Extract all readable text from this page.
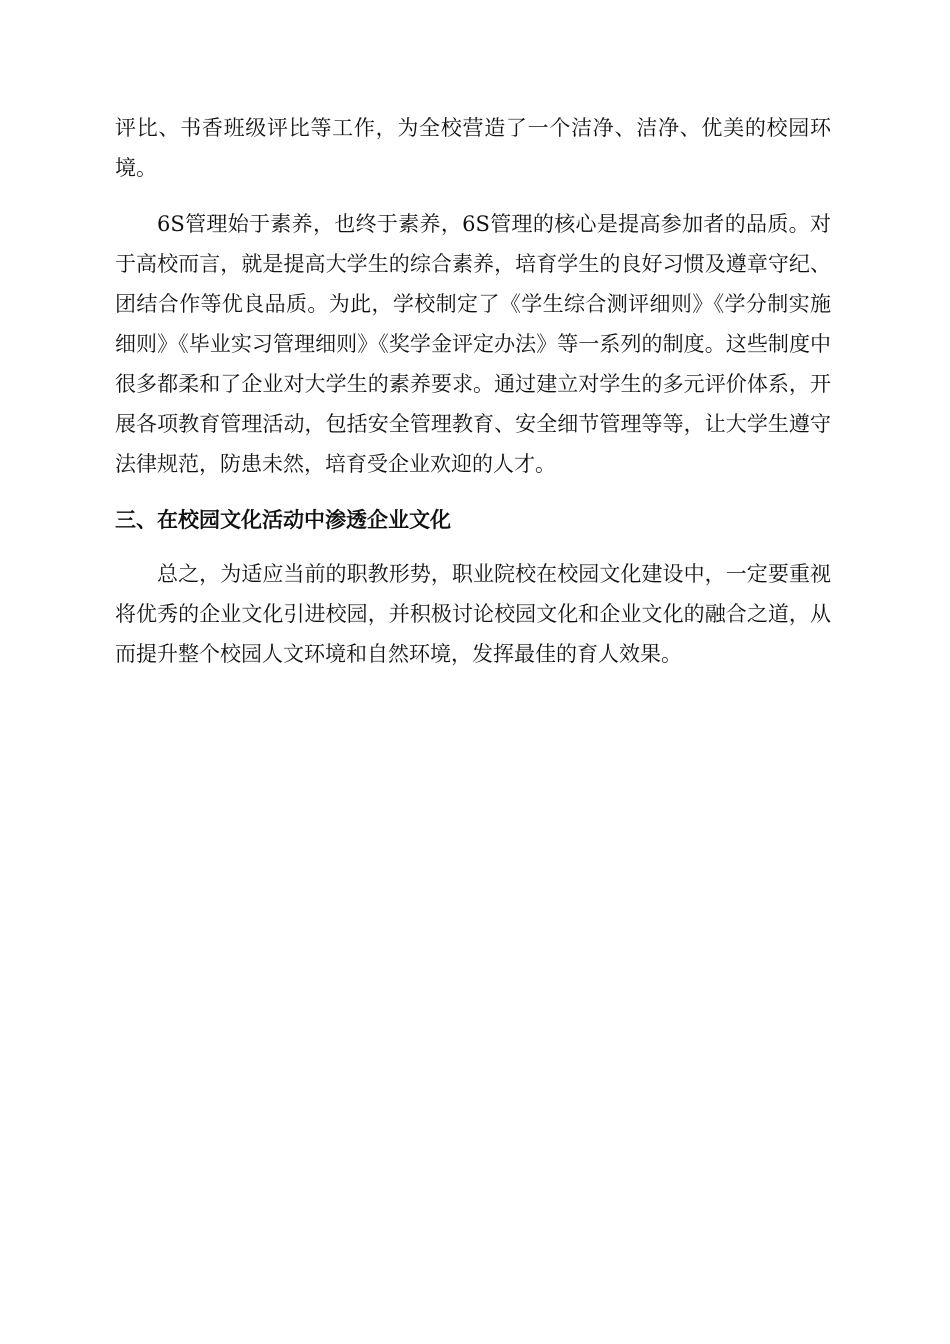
评比、书香班级评比等工作，为全校营造了一个洁净、洁净、优美的校园环境。

6S管理始于素养，也终于素养，6S管理的核心是提高参加者的品质。对于高校而言，就是提高大学生的综合素养，培育学生的良好习惯及遵章守纪、团结合作等优良品质。为此，学校制定了《学生综合测评细则》《学分制实施细则》《毕业实习管理细则》《奖学金评定办法》等一系列的制度。这些制度中很多都柔和了企业对大学生的素养要求。通过建立对学生的多元评价体系，开展各项教育管理活动，包括安全管理教育、安全细节管理等等，让大学生遵守法律规范，防患未然，培育受企业欢迎的人才。

三、在校园文化活动中渗透企业文化

总之，为适应当前的职教形势，职业院校在校园文化建设中，一定要重视将优秀的企业文化引进校园，并积极讨论校园文化和企业文化的融合之道，从而提升整个校园人文环境和自然环境，发挥最佳的育人效果。
